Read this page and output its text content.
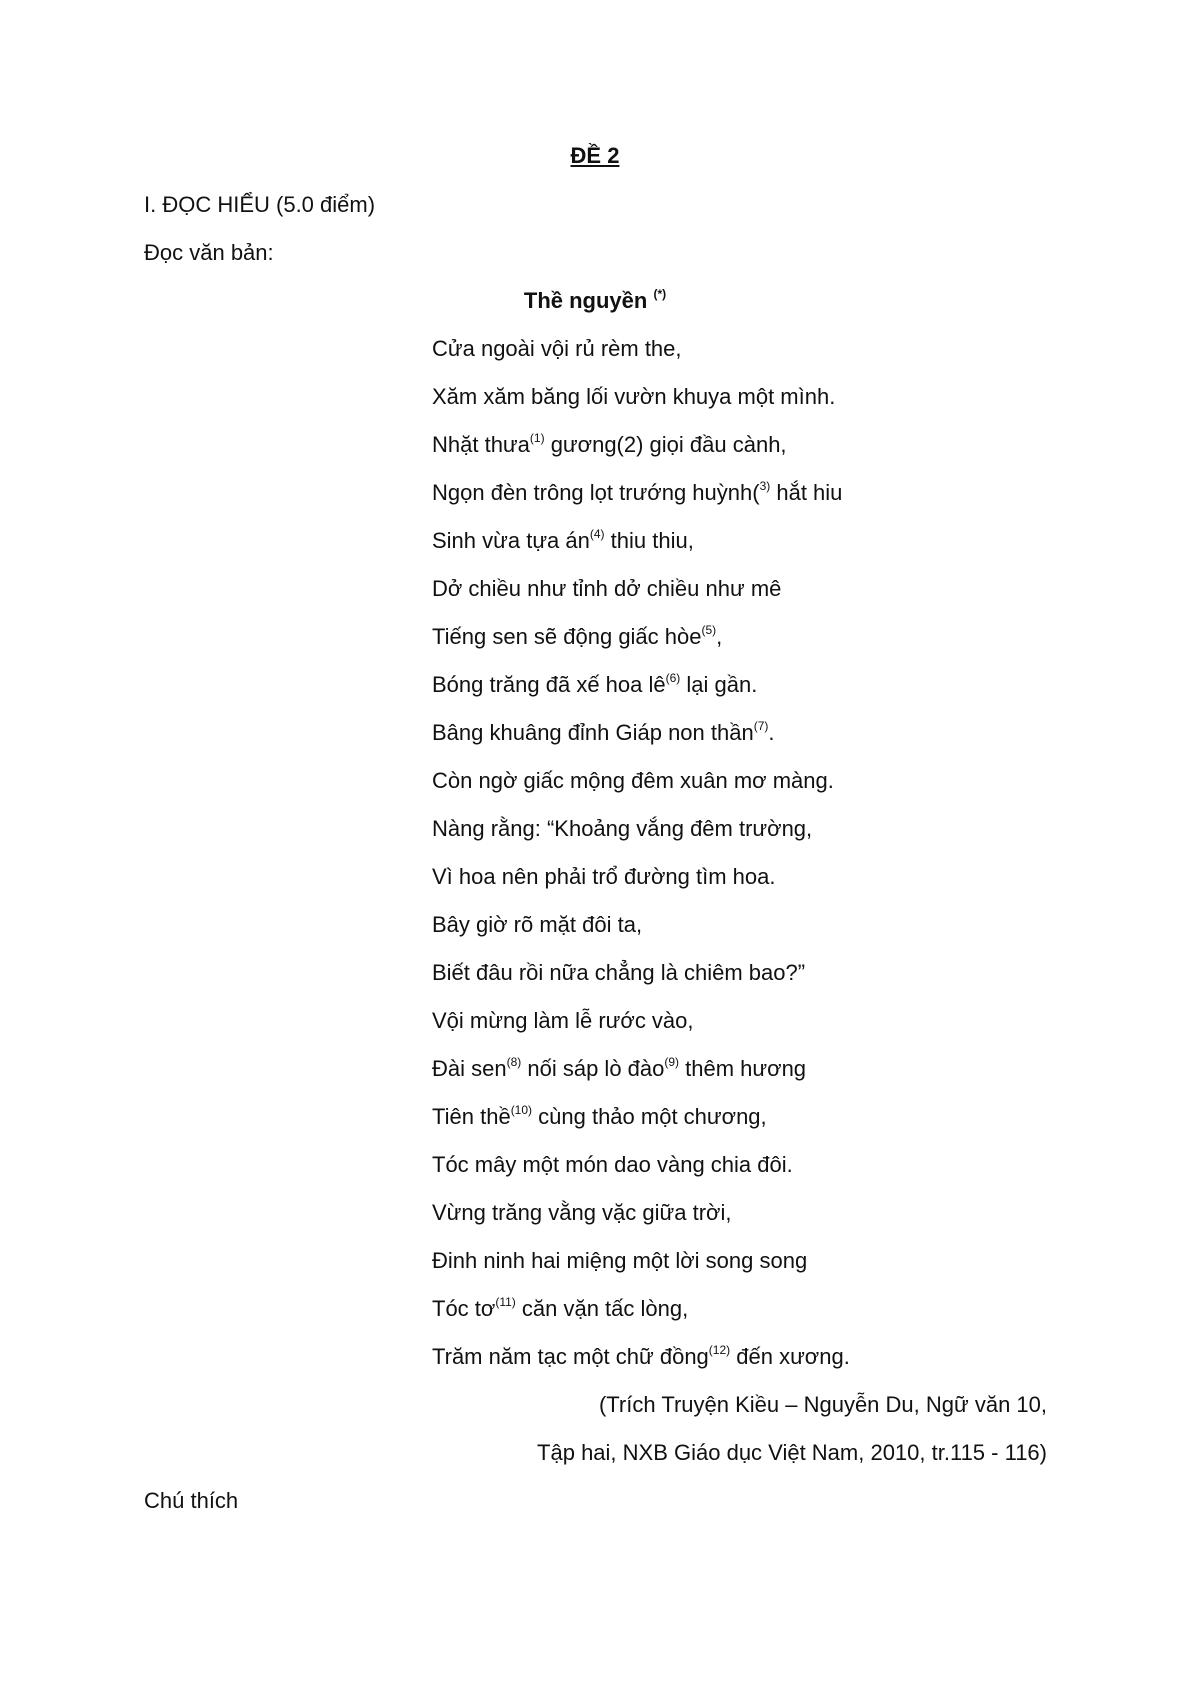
ĐỀ 2
I. ĐỌC HIỂU (5.0 điểm)
Đọc văn bản:
Thề nguyền (*)
Cửa ngoài vội rủ rèm the,
Xăm xăm băng lối vườn khuya một mình.
Nhặt thưa$^{(1)}$ gương(2) giọi đầu cành,
Ngọn đèn trông lọt trướng huỳnh($^{3)}$ hắt hiu
Sinh vừa tựa $án^{(4)}$ thiu thiu,
Dở chiều như tỉnh dở chiều như mê
Tiếng sen sẽ động giấc hòe$^{(5)}$,
Bóng trăng đã xế hoa $lê^{(6)}$ lại gần.
Bâng khuâng đỉnh Giáp non thần$^{(7)}$.
Còn ngờ giấc mộng đêm xuân mơ màng.
Nàng rằng: “Khoảng vắng đêm trường,
Vì hoa nên phải trổ đường tìm hoa.
Bây giờ rõ mặt đôi ta,
Biết đâu rồi nữa chẳng là chiêm bao?”
Vội mừng làm lễ rước vào,
Đài sen$^{(8)}$ nối sáp lò đào$^{(9)}$ thêm hương
Tiên thề$^{(10)}$ cùng thảo một chương,
Tóc mây một món dao vàng chia đôi.
Vừng trăng vằng vặc giữa trời,
Đinh ninh hai miệng một lời song song
Tóc $tơ^{(11)}$ căn vặn tấc lòng,
Trăm năm tạc một chữ đồng$^{(12)}$ đến xương.
(Trích Truyện Kiều – Nguyễn Du, Ngữ văn 10,
Tập hai, NXB Giáo dục Việt Nam, 2010, tr.115 - 116)
Chú thích
